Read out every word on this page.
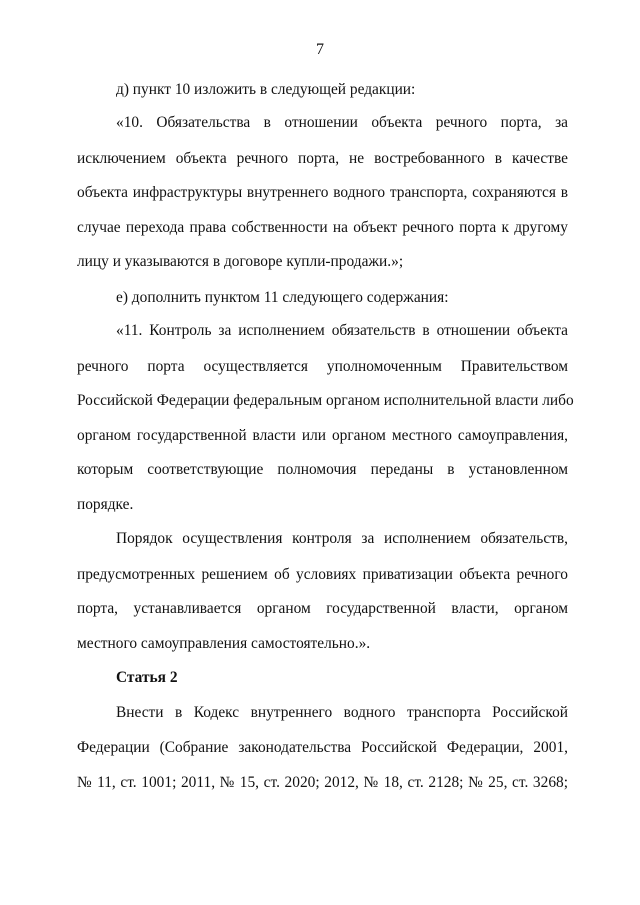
7
д) пункт 10 изложить в следующей редакции:
«10. Обязательства в отношении объекта речного порта, за
исключением объекта речного порта, не востребованного в качестве
объекта инфраструктуры внутреннего водного транспорта, сохраняются в
случае перехода права собственности на объект речного порта к другому
лицу и указываются в договоре купли-продажи.»;
е) дополнить пунктом 11 следующего содержания:
«11. Контроль за исполнением обязательств в отношении объекта
речного порта осуществляется уполномоченным Правительством
Российской Федерации федеральным органом исполнительной власти либо
органом государственной власти или органом местного самоуправления,
которым соответствующие полномочия переданы в установленном
порядке.
Порядок осуществления контроля за исполнением обязательств,
предусмотренных решением об условиях приватизации объекта речного
порта, устанавливается органом государственной власти, органом
местного самоуправления самостоятельно.».
Статья 2
Внести в Кодекс внутреннего водного транспорта Российской
Федерации (Собрание законодательства Российской Федерации, 2001,
№ 11, ст. 1001; 2011, № 15, ст. 2020; 2012, № 18, ст. 2128; № 25, ст. 3268;
